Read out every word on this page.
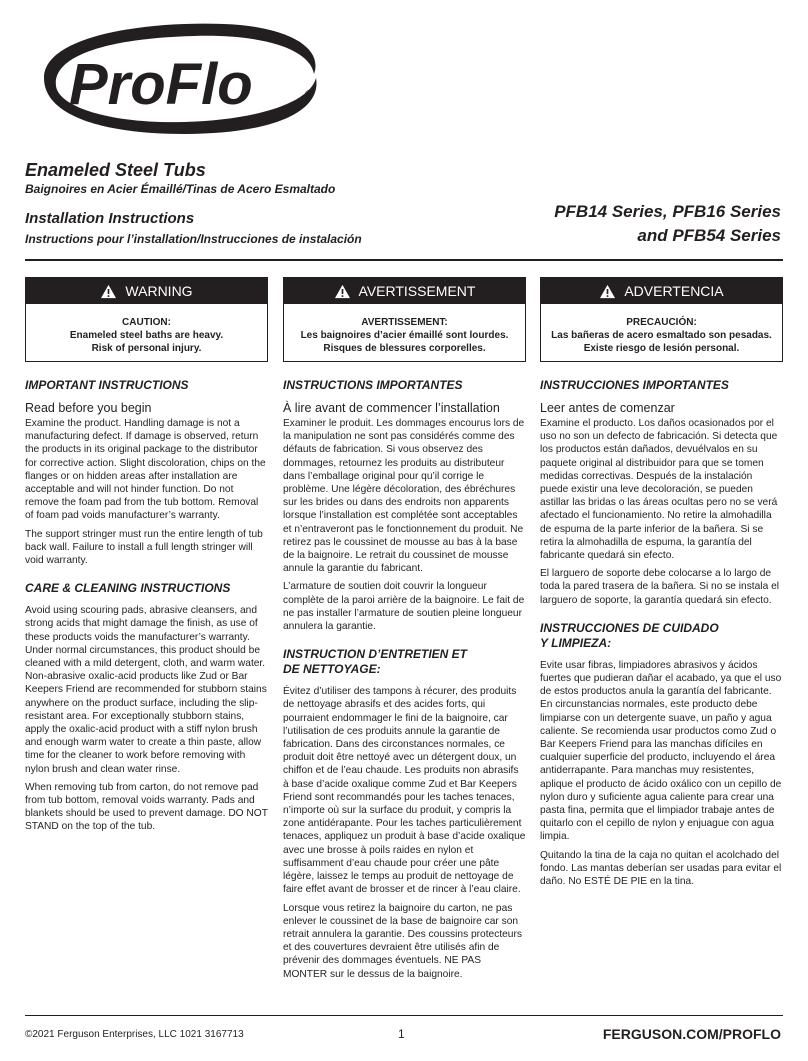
ProFlo	®
Enameled Steel Tubs

Baignoires en Acier Émaillé/Tinas de Acero Esmaltado

Installation Instructions

Instructions pour l’installation/Instrucciones de instalación

PFB14 Series, PFB16 Series
and PFB54 Series
WARNING
CAUTION:
Enameled steel baths are heavy.
Risk of personal injury.
AVERTISSEMENT
AVERTISSEMENT:
Les baignoires d’acier émaillé sont lourdes.
Risques de blessures corporelles.
ADVERTENCIA
PRECAUCIÓN:
Las bañeras de acero esmaltado son pesadas.
Existe riesgo de lesión personal.
IMPORTANT INSTRUCTIONS
Read before you begin

Examine the product. Handling damage is not a manufacturing defect. If damage is observed, return the products in its original package to the distributor for corrective action. Slight discoloration, chips on the flanges or on hidden areas after installation are acceptable and will not hinder function. Do not remove the foam pad from the tub bottom. Removal of foam pad voids manufacturer’s warranty.

The support stringer must run the entire length of tub back wall. Failure to install a full length stringer will void warranty.

CARE & CLEANING INSTRUCTIONS

Avoid using scouring pads, abrasive cleansers, and strong acids that might damage the finish, as use of these products voids the manufacturer’s warranty. Under normal circumstances, this product should be cleaned with a mild detergent, cloth, and warm water. Non-abrasive oxalic-acid products like Zud or Bar Keepers Friend are recommended for stubborn stains anywhere on the product surface, including the slip-resistant area. For exceptionally stubborn stains, apply the oxalic-acid product with a stiff nylon brush and enough warm water to create a thin paste, allow time for the cleaner to work before removing with nylon brush and clean water rinse.

When removing tub from carton, do not remove pad from tub bottom, removal voids warranty. Pads and blankets should be used to prevent damage. DO NOT STAND on the top of the tub.

INSTRUCTIONS IMPORTANTES
À lire avant de commencer l’installation

Examiner le produit. Les dommages encourus lors de la manipulation ne sont pas considérés comme des défauts de fabrication. Si vous observez des dommages, retournez les produits au distributeur dans l’emballage original pour qu’il corrige le problème. Une légère décoloration, des ébréchures sur les brides ou dans des endroits non apparents lorsque l’installation est complétée sont acceptables et n’entraveront pas le fonctionnement du produit. Ne retirez pas le coussinet de mousse au bas à la base de la baignoire. Le retrait du coussinet de mousse annule la garantie du fabricant.

L’armature de soutien doit couvrir la longueur complète de la paroi arrière de la baignoire. Le fait de ne pas installer l’armature de soutien pleine longueur annulera la garantie.

INSTRUCTION D’ENTRETIEN ET
DE NETTOYAGE:

Évitez d’utiliser des tampons à récurer, des produits de nettoyage abrasifs et des acides forts, qui pourraient endommager le fini de la baignoire, car l’utilisation de ces produits annule la garantie de fabrication. Dans des circonstances normales, ce produit doit être nettoyé avec un détergent doux, un chiffon et de l’eau chaude. Les produits non abrasifs à base d’acide oxalique comme Zud et Bar Keepers Friend sont recommandés pour les taches tenaces, n’importe où sur la surface du produit, y compris la zone antidérapante. Pour les taches particulièrement tenaces, appliquez un produit à base d’acide oxalique avec une brosse à poils raides en nylon et suffisamment d’eau chaude pour créer une pâte légère, laissez le temps au produit de nettoyage de faire effet avant de brosser et de rincer à l’eau claire.

Lorsque vous retirez la baignoire du carton, ne pas enlever le coussinet de la base de baignoire car son retrait annulera la garantie. Des coussins protecteurs et des couvertures devraient être utilisés afin de prévenir des dommages éventuels. NE PAS MONTER sur le dessus de la baignoire.

INSTRUCCIONES IMPORTANTES
Leer antes de comenzar

Examine el producto. Los daños ocasionados por el uso no son un defecto de fabricación. Si detecta que los productos están dañados, devuélvalos en su paquete original al distribuidor para que se tomen medidas correctivas. Después de la instalación puede existir una leve decoloración, se pueden astillar las bridas o las áreas ocultas pero no se verá afectado el funcionamiento. No retire la almohadilla de espuma de la parte inferior de la bañera. Si se retira la almohadilla de espuma, la garantía del fabricante quedará sin efecto.

El larguero de soporte debe colocarse a lo largo de toda la pared trasera de la bañera. Si no se instala el larguero de soporte, la garantía quedará sin efecto.

INSTRUCCIONES DE CUIDADO
Y LIMPIEZA:

Evite usar fibras, limpiadores abrasivos y ácidos fuertes que pudieran dañar el acabado, ya que el uso de estos productos anula la garantía del fabricante. En circunstancias normales, este producto debe limpiarse con un detergente suave, un paño y agua caliente. Se recomienda usar productos como Zud o Bar Keepers Friend para las manchas difíciles en cualquier superficie del producto, incluyendo el área antiderrapante. Para manchas muy resistentes, aplique el producto de ácido oxálico con un cepillo de nylon duro y suficiente agua caliente para crear una pasta fina, permita que el limpiador trabaje antes de quitarlo con el cepillo de nylon y enjuague con agua limpia.

Quitando la tina de la caja no quitan el acolchado del fondo. Las mantas deberían ser usadas para evitar el daño. No ESTÉ DE PIE en la tina.

©2021 Ferguson Enterprises, LLC 1021 3167713	1	FERGUSON.COM/PROFLO
